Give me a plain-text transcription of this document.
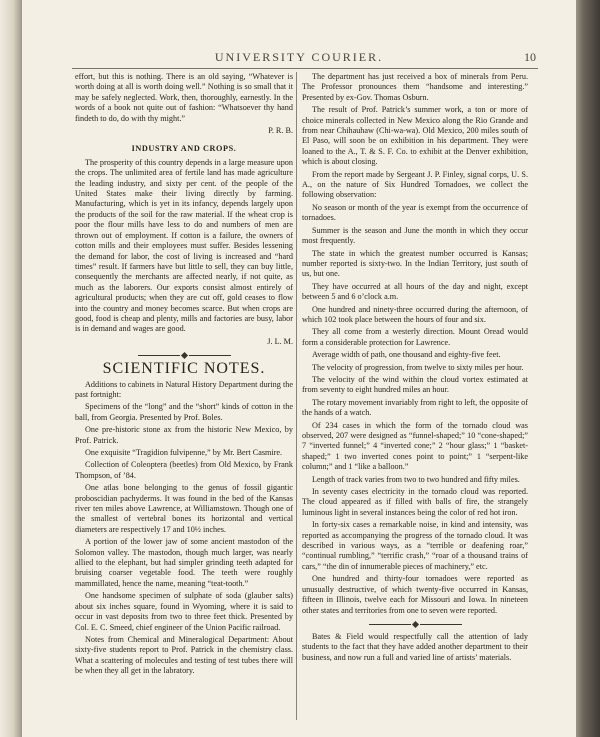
UNIVERSITY COURIER.	10

effort, but this is nothing. There is an old saying, “Whatever is worth doing at all is worth doing well.” Nothing is so small that it may be safely neglected. Work, then, thoroughly, earnestly. In the words of a book not quite out of fashion: “Whatsoever thy hand findeth to do, do with thy might.”

P. R. B.
INDUSTRY AND CROPS.

The prosperity of this country depends in a large measure upon the crops. The unlimited area of fertile land has made agriculture the leading industry, and sixty per cent. of the people of the United States make their living directly by farming. Manufacturing, which is yet in its infancy, depends largely upon the products of the soil for the raw material. If the wheat crop is poor the flour mills have less to do and numbers of men are thrown out of employment. If cotton is a failure, the owners of cotton mills and their employees must suffer. Besides lessening the demand for labor, the cost of living is increased and “hard times” result. If farmers have but little to sell, they can buy little, consequently the merchants are affected nearly, if not quite, as much as the laborers. Our exports consist almost entirely of agricultural products; when they are cut off, gold ceases to flow into the country and money becomes scarce. But when crops are good, food is cheap and plenty, mills and factories are busy, labor is in demand and wages are good.

J. L. M.
SCIENTIFIC NOTES.

Additions to cabinets in Natural History Department during the past fortnight:

Specimens of the “long” and the “short” kinds of cotton in the ball, from Georgia. Presented by Prof. Boles.

One pre-historic stone ax from the historic New Mexico, by Prof. Patrick.

One exquisite “Tragidion fulvipenne,” by Mr. Bert Casmire.

Collection of Coleoptera (beetles) from Old Mexico, by Frank Thompson, of ’84.

One atlas bone belonging to the genus of fossil gigantic proboscidian pachyderms. It was found in the bed of the Kansas river ten miles above Lawrence, at Williamstown. Though one of the smallest of vertebral bones its horizontal and vertical diameters are respectively 17 and 10½ inches.

A portion of the lower jaw of some ancient mastodon of the Solomon valley. The mastodon, though much larger, was nearly allied to the elephant, but had simpler grinding teeth adapted for bruising coarser vegetable food. The teeth were roughly mammillated, hence the name, meaning “teat-tooth.”

One handsome specimen of sulphate of soda (glauber salts) about six inches square, found in Wyoming, where it is said to occur in vast deposits from two to three feet thick. Presented by Col. E. C. Smeed, chief engineer of the Union Pacific railroad.

Notes from Chemical and Mineralogical Department: About sixty-five students report to Prof. Patrick in the chemistry class. What a scattering of molecules and testing of test tubes there will be when they all get in the labratory.

The department has just received a box of minerals from Peru. The Professor pronounces them “handsome and interesting.” Presented by ex-Gov. Thomas Osburn.

The result of Prof. Patrick’s summer work, a ton or more of choice minerals collected in New Mexico along the Rio Grande and from near Chihauhaw (Chi-wa-wa). Old Mexico, 200 miles south of El Paso, will soon be on exhibition in his department. They were loaned to the A., T. & S. F. Co. to exhibit at the Denver exhibition, which is about closing.

From the report made by Sergeant J. P. Finley, signal corps, U. S. A., on the nature of Six Hundred Tornadoes, we collect the following observation:

No season or month of the year is exempt from the occurrence of tornadoes.

Summer is the season and June the month in which they occur most frequently.

The state in which the greatest number occurred is Kansas; number reported is sixty-two. In the Indian Territory, just south of us, but one.

They have occurred at all hours of the day and night, except between 5 and 6 o’clock a.m.

One hundred and ninety-three occurred during the afternoon, of which 102 took place between the hours of four and six.

They all come from a westerly direction. Mount Oread would form a considerable protection for Lawrence.

Average width of path, one thousand and eighty-five feet.

The velocity of progression, from twelve to sixty miles per hour.

The velocity of the wind within the cloud vortex estimated at from seventy to eight hundred miles an hour.

The rotary movement invariably from right to left, the opposite of the hands of a watch.

Of 234 cases in which the form of the tornado cloud was observed, 207 were designed as “funnel-shaped;” 10 “cone-shaped;” 7 “inverted funnel;” 4 “inverted cone;” 2 “hour glass;” 1 “basket-shaped;” 1 two inverted cones point to point;” 1 “serpent-like column;” and 1 “like a balloon.”

Length of track varies from two to two hundred and fifty miles.

In seventy cases electricity in the tornado cloud was reported. The cloud appeared as if filled with balls of fire, the strangely luminous light in several instances being the color of red hot iron.

In forty-six cases a remarkable noise, in kind and intensity, was reported as accompanying the progress of the tornado cloud. It was described in various ways, as a “terrible or deafening roar,” “continual rumbling,” “terrific crash,” “roar of a thousand trains of cars,” “the din of innumerable pieces of machinery,” etc.

One hundred and thirty-four tornadoes were reported as unusually destructive, of which twenty-five occurred in Kansas, fifteen in Illinois, twelve each for Missouri and Iowa. In nineteen other states and territories from one to seven were reported.

Bates & Field would respectfully call the attention of lady students to the fact that they have added another department to their business, and now run a full and varied line of artists’ materials.
